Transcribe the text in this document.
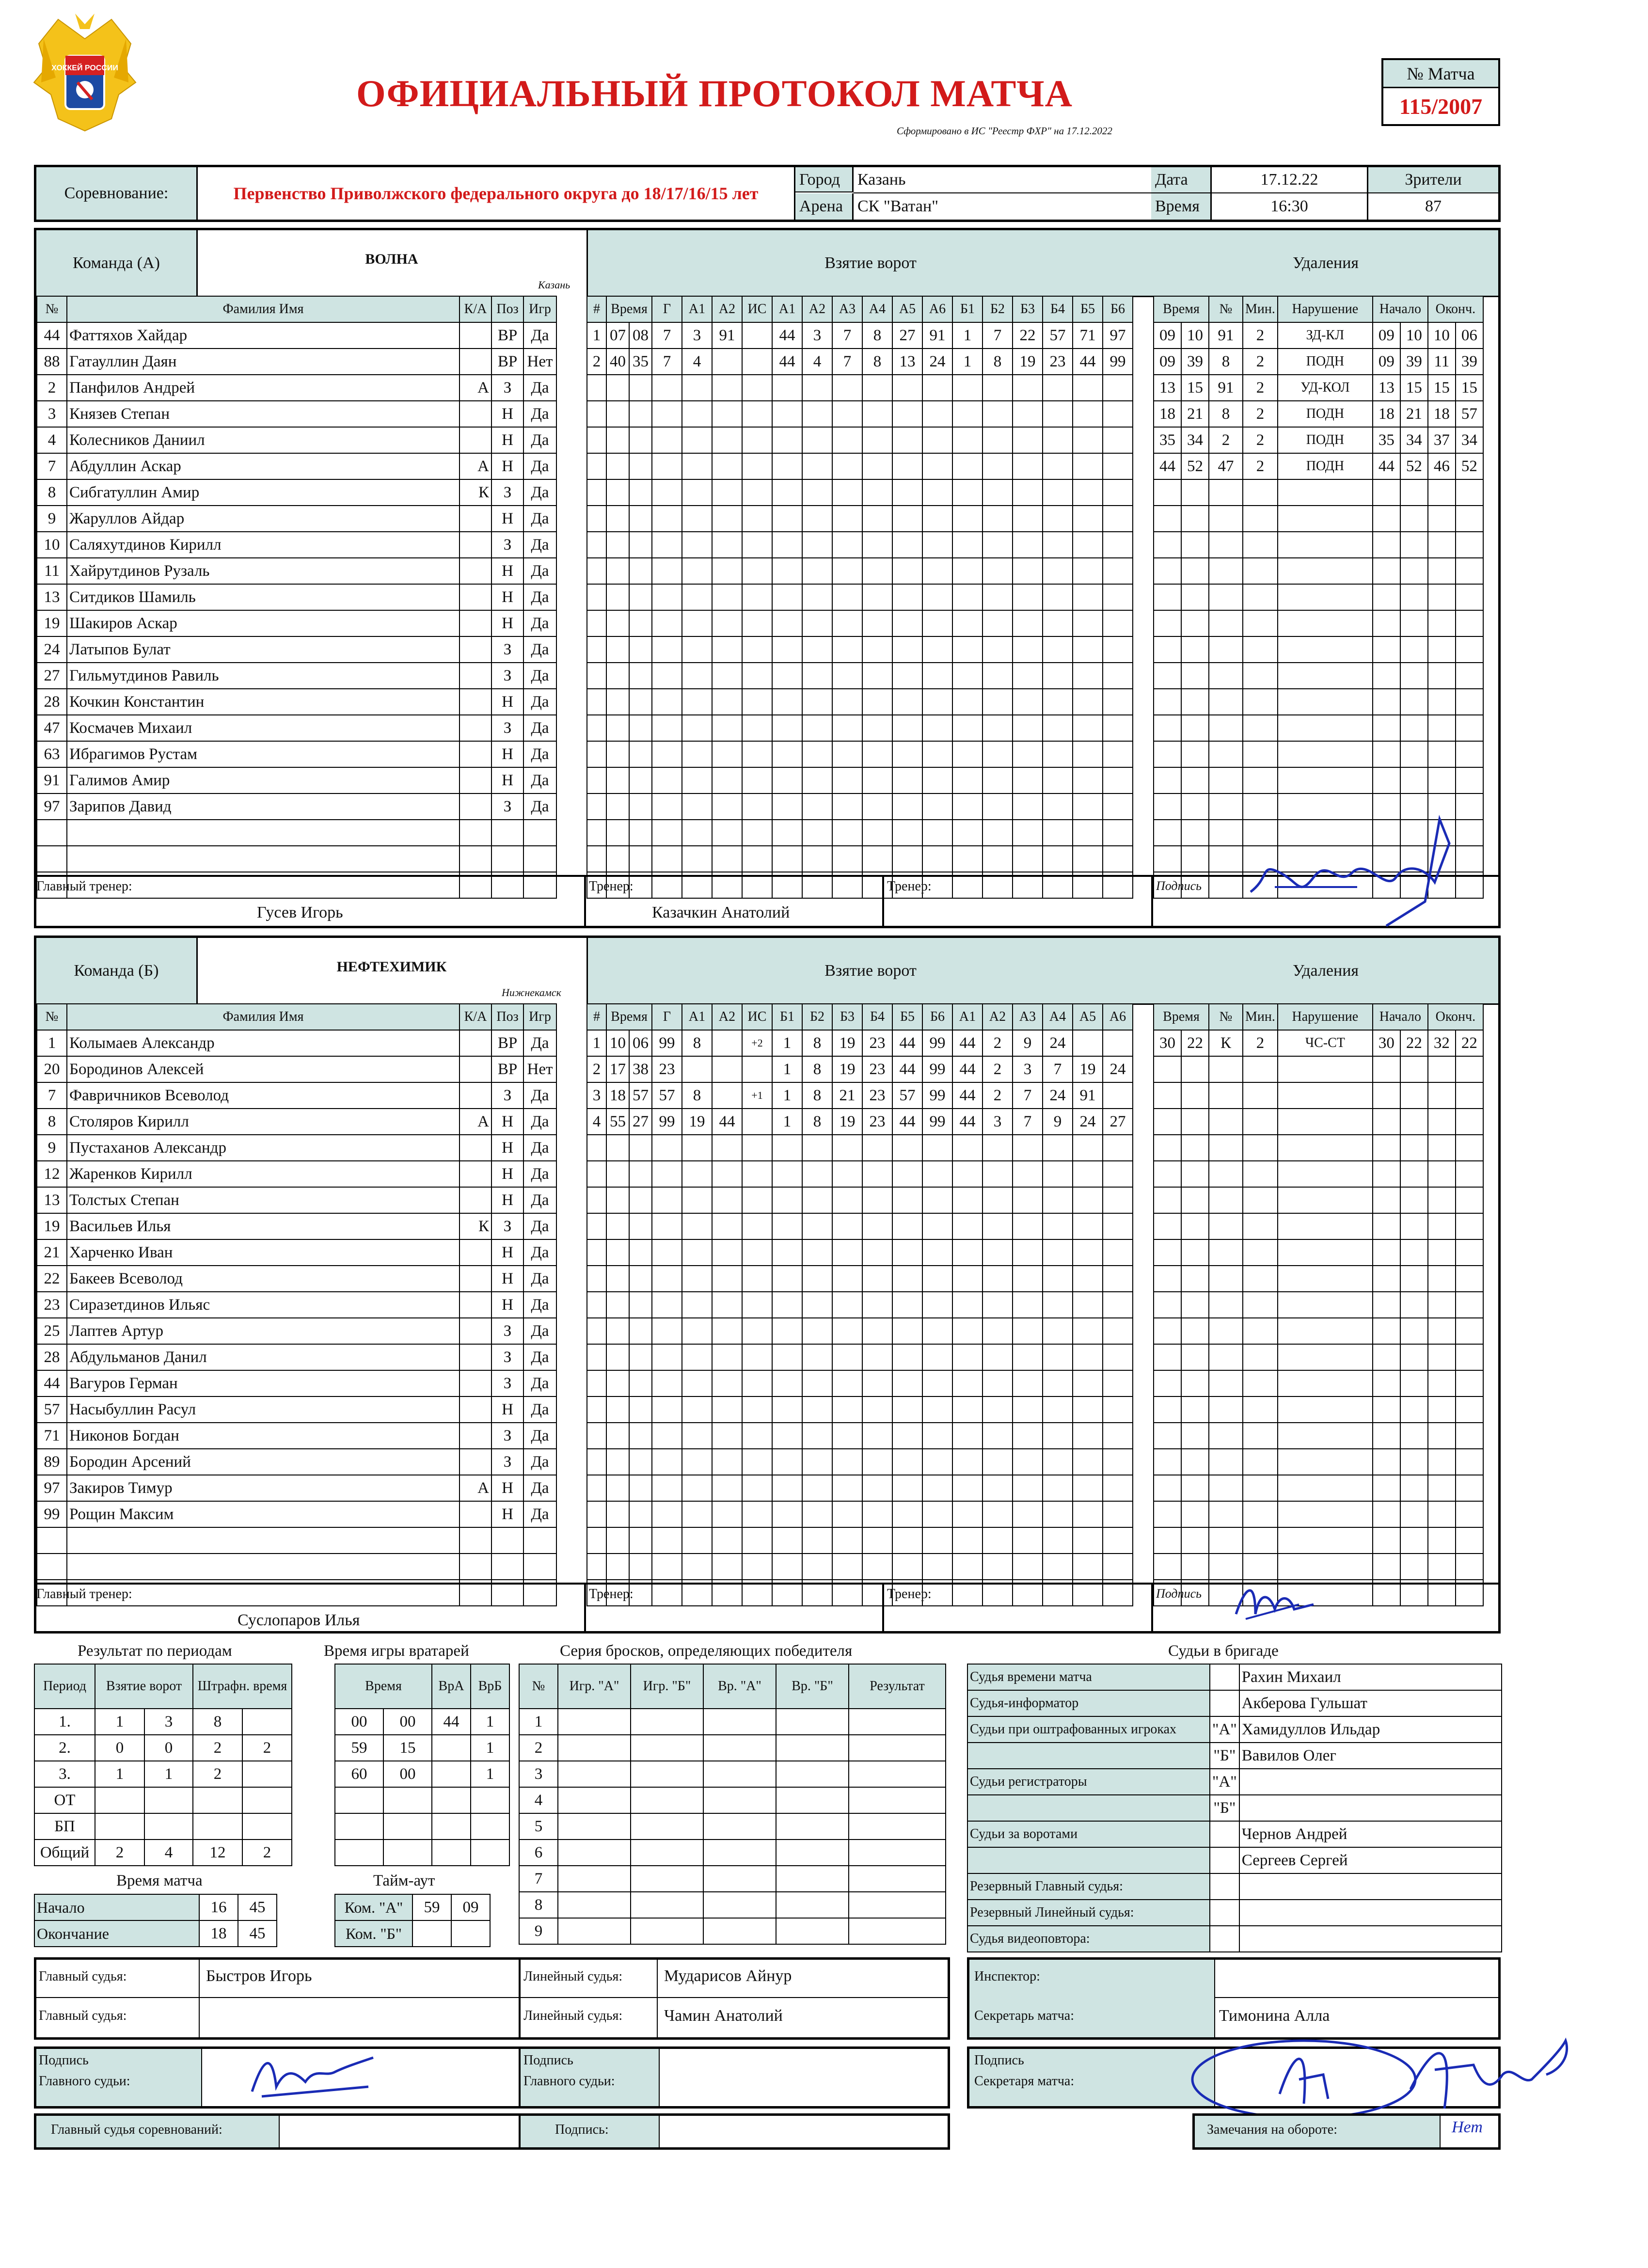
ХОККЕЙ РОССИИ
ОФИЦИАЛЬНЫЙ ПРОТОКОЛ МАТЧА
Сформировано в ИС "Реестр ФХР" на 17.12.2022
№ Матча
115/2007
Соревнование:	Первенство Приволжского федерального округа до 18/17/16/15 лет
Город	Казань
Арена СК "Ватан"
Дата	17.12.22
Время	16:30
Зрители
87
Команда (А)	ВОЛНА
Казань
Взятие ворот	Удаления
№	Фамилия Имя	К/А	Поз	Игр
44	Фаттяхов Хайдар		ВР	Да
88	Гатауллин Даян		ВР	Нет
2	Панфилов Андрей	А	З	Да
3	Князев Степан		Н	Да
4	Колесников Даниил		Н	Да
7	Абдуллин Аскар	А	Н	Да
8	Сибгатуллин Амир	К	З	Да
9	Жаруллов Айдар		Н	Да
10	Саляхутдинов Кирилл		З	Да
11	Хайрутдинов Рузаль		Н	Да
13	Ситдиков Шамиль		Н	Да
19	Шакиров Аскар		Н	Да
24	Латыпов Булат		З	Да
27	Гильмутдинов Равиль		З	Да
28	Кочкин Константин		Н	Да
47	Космачев Михаил		З	Да
63	Ибрагимов Рустам		Н	Да
91	Галимов Амир		Н	Да
97	Зарипов Давид		З	Да

#	Время		Г	А1	А2	ИС	А1	А2	А3	А4	А5	А6	Б1	Б2	Б3	Б4	Б5	Б6
1	07	08	7	3	91		44	3	7	8	27	91	1	7	22	57	71	97
2	40	35	7	4			44	4	7	8	13	24	1	8	19	23	44	99

Время		№	Мин.	Нарушение	Начало		Оконч.	
09	10	91	2	ЗД-КЛ	09	10	10	06
09	39	8	2	ПОДН	09	39	11	39
13	15	91	2	УД-КОЛ	13	15	15	15
18	21	8	2	ПОДН	18	21	18	57
35	34	2	2	ПОДН	35	34	37	34
44	52	47	2	ПОДН	44	52	46	52

Главный тренер:
Гусев Игорь
Тренер:
Казачкин Анатолий
Тренер:	Подпись
Команда (Б)	НЕФТЕХИМИК
Нижнекамск
Взятие ворот	Удаления
№	Фамилия Имя	К/А	Поз	Игр
1	Колымаев Александр		ВР	Да
20	Бородинов Алексей		ВР	Нет
7	Фавричников Всеволод		З	Да
8	Столяров Кирилл	А	Н	Да
9	Пустаханов Александр		Н	Да
12	Жаренков Кирилл		Н	Да
13	Толстых Степан		Н	Да
19	Васильев Илья	К	З	Да
21	Харченко Иван		Н	Да
22	Бакеев Всеволод		Н	Да
23	Сиразетдинов Ильяс		Н	Да
25	Лаптев Артур		З	Да
28	Абдульманов Данил		З	Да
44	Вагуров Герман		З	Да
57	Насыбуллин Расул		Н	Да
71	Никонов Богдан		З	Да
89	Бородин Арсений		З	Да
97	Закиров Тимур	А	Н	Да
99	Рощин Максим		Н	Да

#	Время		Г	А1	А2	ИС	Б1	Б2	Б3	Б4	Б5	Б6	А1	А2	А3	А4	А5	А6
1	10	06	99	8		+2	1	8	19	23	44	99	44	2	9	24		
2	17	38	23				1	8	19	23	44	99	44	2	3	7	19	24
3	18	57	57	8		+1	1	8	21	23	57	99	44	2	7	24	91	
4	55	27	99	19	44		1	8	19	23	44	99	44	3	7	9	24	27

Время		№	Мин.	Нарушение	Начало		Оконч.	
30	22	К	2	ЧС-СТ	30	22	32	22

Главный тренер:
Суслопаров Илья
Тренер:	Тренер:	Подпись
Результат по периодам	Время игры вратарей	Серия бросков, определяющих победителя	Судьи в бригаде
Период	Взятие ворот		Штрафн. время	
1.	1	3	8	
2.	0	0	2	2
3.	1	1	2	
ОТ				
БП				
Общий	2	4	12	2
Время		ВрА	ВрБ
00	00	44	1
59	15		1
60	00		1

№	Игр. "А"	Игр. "Б"	Вр. "А"	Вр. "Б"	Результат
1					
2					
3					
4					
5					
6					
7					
8					
9					
Судья времени матча		Рахин Михаил
Судья-информатор		Акберова Гульшат
Судьи при оштрафованных игроках	"А"	Хамидуллов Ильдар
	"Б"	Вавилов Олег
Судьи регистраторы	"А"	
	"Б"	
Судьи за воротами		Чернов Андрей
		Сергеев Сергей
Резервный Главный судья:		
Резервный Линейный судья:		
Судья видеоповтора:		
Время матча	Тайм-аут
Начало	16	45
Окончание	18	45
Ком. "А"	59	09
Ком. "Б"		
Главный судья:	Быстров Игорь
Главный судья:
Линейный судья:	Мударисов Айнур
Линейный судья:	Чамин Анатолий
Инспектор:
Секретарь матча:	Тимонина Алла
Подпись
Главного судьи:
Подпись
Главного судьи:
Подпись
Секретаря матча:
Главный судья соревнований:	Подпись:	Замечания на обороте:	Нет
